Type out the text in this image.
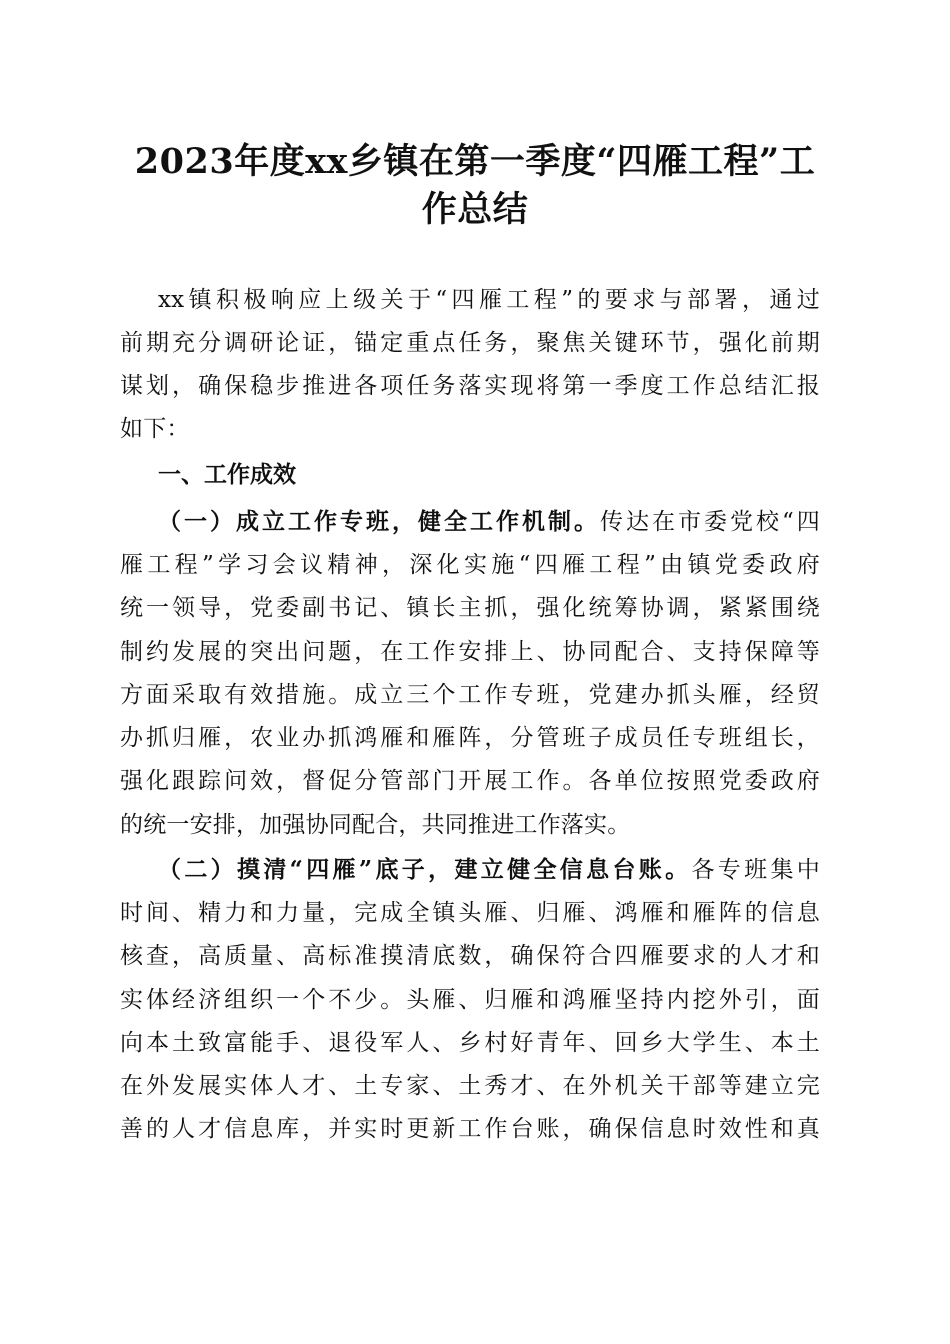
2023年度xx乡镇在第一季度“四雁工程”工
作总结
xx镇积极响应上级关于“四雁工程”的要求与部署，通过
前期充分调研论证，锚定重点任务，聚焦关键环节，强化前期
谋划，确保稳步推进各项任务落实现将第一季度工作总结汇报
如下：
一、工作成效
（一）成立工作专班，健全工作机制。传达在市委党校“四
雁工程”学习会议精神，深化实施“四雁工程”由镇党委政府
统一领导，党委副书记、镇长主抓，强化统筹协调，紧紧围绕
制约发展的突出问题，在工作安排上、协同配合、支持保障等
方面采取有效措施。成立三个工作专班，党建办抓头雁，经贸
办抓归雁，农业办抓鸿雁和雁阵，分管班子成员任专班组长，
强化跟踪问效，督促分管部门开展工作。各单位按照党委政府
的统一安排，加强协同配合，共同推进工作落实。
（二）摸清“四雁”底子，建立健全信息台账。各专班集中
时间、精力和力量，完成全镇头雁、归雁、鸿雁和雁阵的信息
核查，高质量、高标准摸清底数，确保符合四雁要求的人才和
实体经济组织一个不少。头雁、归雁和鸿雁坚持内挖外引，面
向本土致富能手、退役军人、乡村好青年、回乡大学生、本土
在外发展实体人才、土专家、土秀才、在外机关干部等建立完
善的人才信息库，并实时更新工作台账，确保信息时效性和真
